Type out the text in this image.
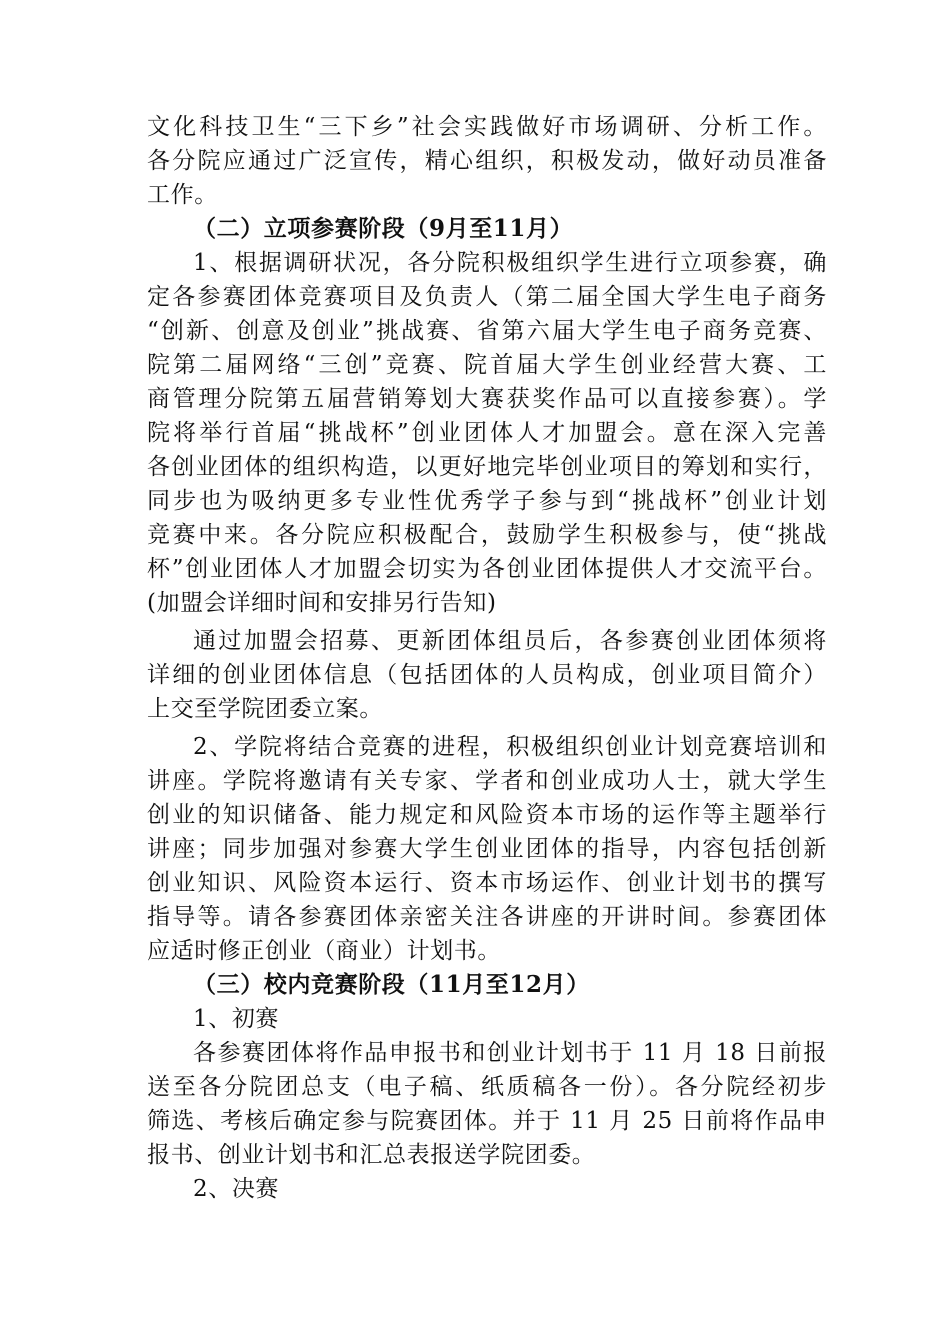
文化科技卫生“三下乡”社会实践做好市场调研、分析工作。
各分院应通过广泛宣传，精心组织，积极发动，做好动员准备
工作。
（二）立项参赛阶段（9月至11月）
1、根据调研状况，各分院积极组织学生进行立项参赛，确
定各参赛团体竞赛项目及负责人（第二届全国大学生电子商务
“创新、创意及创业”挑战赛、省第六届大学生电子商务竞赛、
院第二届网络“三创”竞赛、院首届大学生创业经营大赛、工
商管理分院第五届营销筹划大赛获奖作品可以直接参赛）。学
院将举行首届“挑战杯”创业团体人才加盟会。意在深入完善
各创业团体的组织构造，以更好地完毕创业项目的筹划和实行，
同步也为吸纳更多专业性优秀学子参与到“挑战杯”创业计划
竞赛中来。各分院应积极配合，鼓励学生积极参与，使“挑战
杯”创业团体人才加盟会切实为各创业团体提供人才交流平台。
(加盟会详细时间和安排另行告知)
通过加盟会招募、更新团体组员后，各参赛创业团体须将
详细的创业团体信息（包括团体的人员构成，创业项目简介）
上交至学院团委立案。
2、学院将结合竞赛的进程，积极组织创业计划竞赛培训和
讲座。学院将邀请有关专家、学者和创业成功人士，就大学生
创业的知识储备、能力规定和风险资本市场的运作等主题举行
讲座；同步加强对参赛大学生创业团体的指导，内容包括创新
创业知识、风险资本运行、资本市场运作、创业计划书的撰写
指导等。请各参赛团体亲密关注各讲座的开讲时间。参赛团体
应适时修正创业（商业）计划书。
（三）校内竞赛阶段（11月至12月）
1、初赛
各参赛团体将作品申报书和创业计划书于 11 月 18 日前报
送至各分院团总支（电子稿、纸质稿各一份）。各分院经初步
筛选、考核后确定参与院赛团体。并于 11 月 25 日前将作品申
报书、创业计划书和汇总表报送学院团委。
2、决赛
